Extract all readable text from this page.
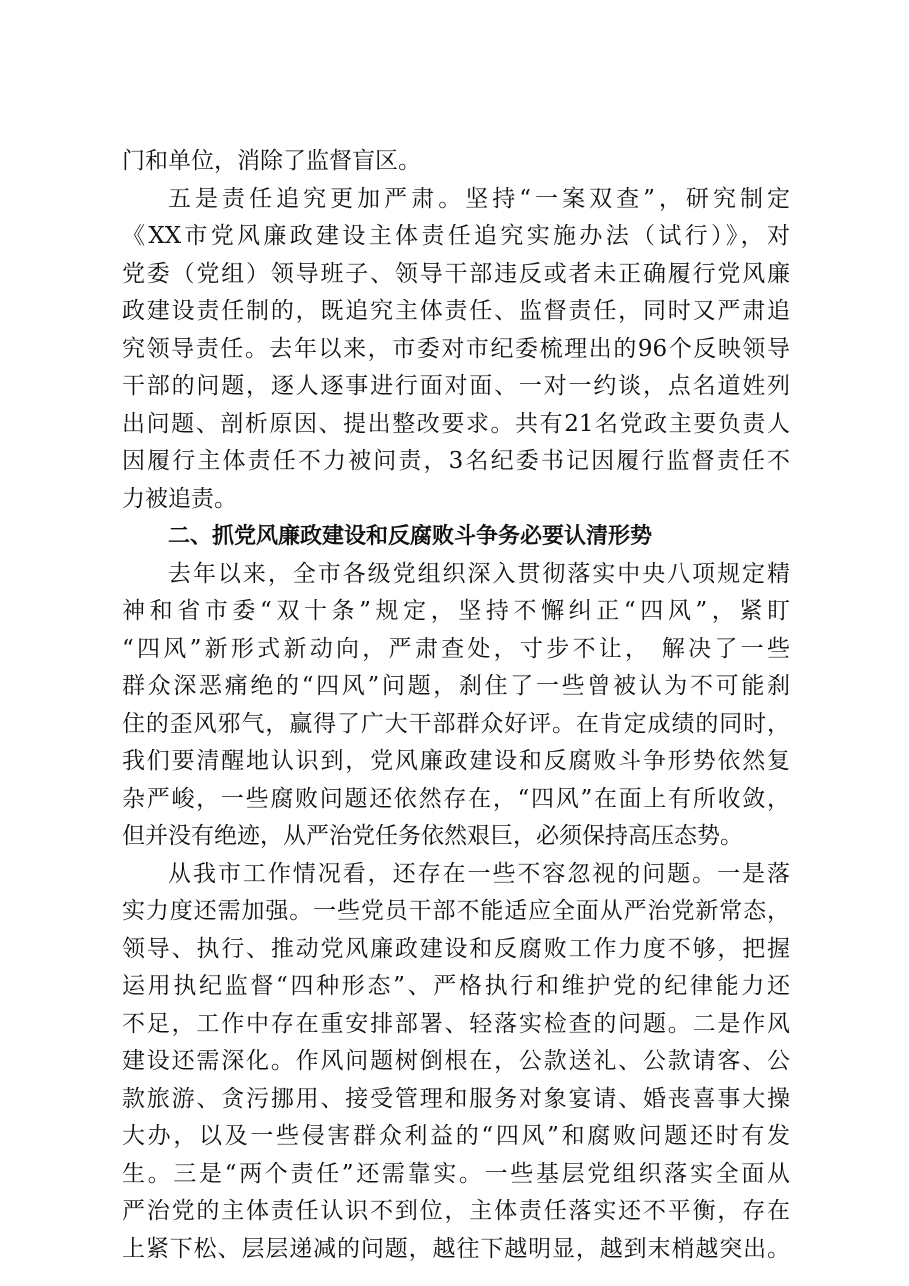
门和单位，消除了监督盲区。
五是责任追究更加严肃。坚持“一案双查”，研究制定
《XX市党风廉政建设主体责任追究实施办法（试行）》，对
党委（党组）领导班子、领导干部违反或者未正确履行党风廉
政建设责任制的，既追究主体责任、监督责任，同时又严肃追
究领导责任。去年以来，市委对市纪委梳理出的96个反映领导
干部的问题，逐人逐事进行面对面、一对一约谈，点名道姓列
出问题、剖析原因、提出整改要求。共有21名党政主要负责人
因履行主体责任不力被问责，3名纪委书记因履行监督责任不
力被追责。
二、抓党风廉政建设和反腐败斗争务必要认清形势
去年以来，全市各级党组织深入贯彻落实中央八项规定精
神和省市委“双十条”规定，坚持不懈纠正“四风”，紧盯
“四风”新形式新动向，严肃查处，寸步不让， 解决了一些
群众深恶痛绝的“四风”问题，刹住了一些曾被认为不可能刹
住的歪风邪气，赢得了广大干部群众好评。在肯定成绩的同时，
我们要清醒地认识到，党风廉政建设和反腐败斗争形势依然复
杂严峻，一些腐败问题还依然存在，“四风”在面上有所收敛，
但并没有绝迹，从严治党任务依然艰巨，必须保持高压态势。
从我市工作情况看，还存在一些不容忽视的问题。一是落
实力度还需加强。一些党员干部不能适应全面从严治党新常态，
领导、执行、推动党风廉政建设和反腐败工作力度不够，把握
运用执纪监督“四种形态”、严格执行和维护党的纪律能力还
不足，工作中存在重安排部署、轻落实检查的问题。二是作风
建设还需深化。作风问题树倒根在，公款送礼、公款请客、公
款旅游、贪污挪用、接受管理和服务对象宴请、婚丧喜事大操
大办，以及一些侵害群众利益的“四风”和腐败问题还时有发
生。三是“两个责任”还需靠实。一些基层党组织落实全面从
严治党的主体责任认识不到位，主体责任落实还不平衡，存在
上紧下松、层层递减的问题，越往下越明显，越到末梢越突出。
